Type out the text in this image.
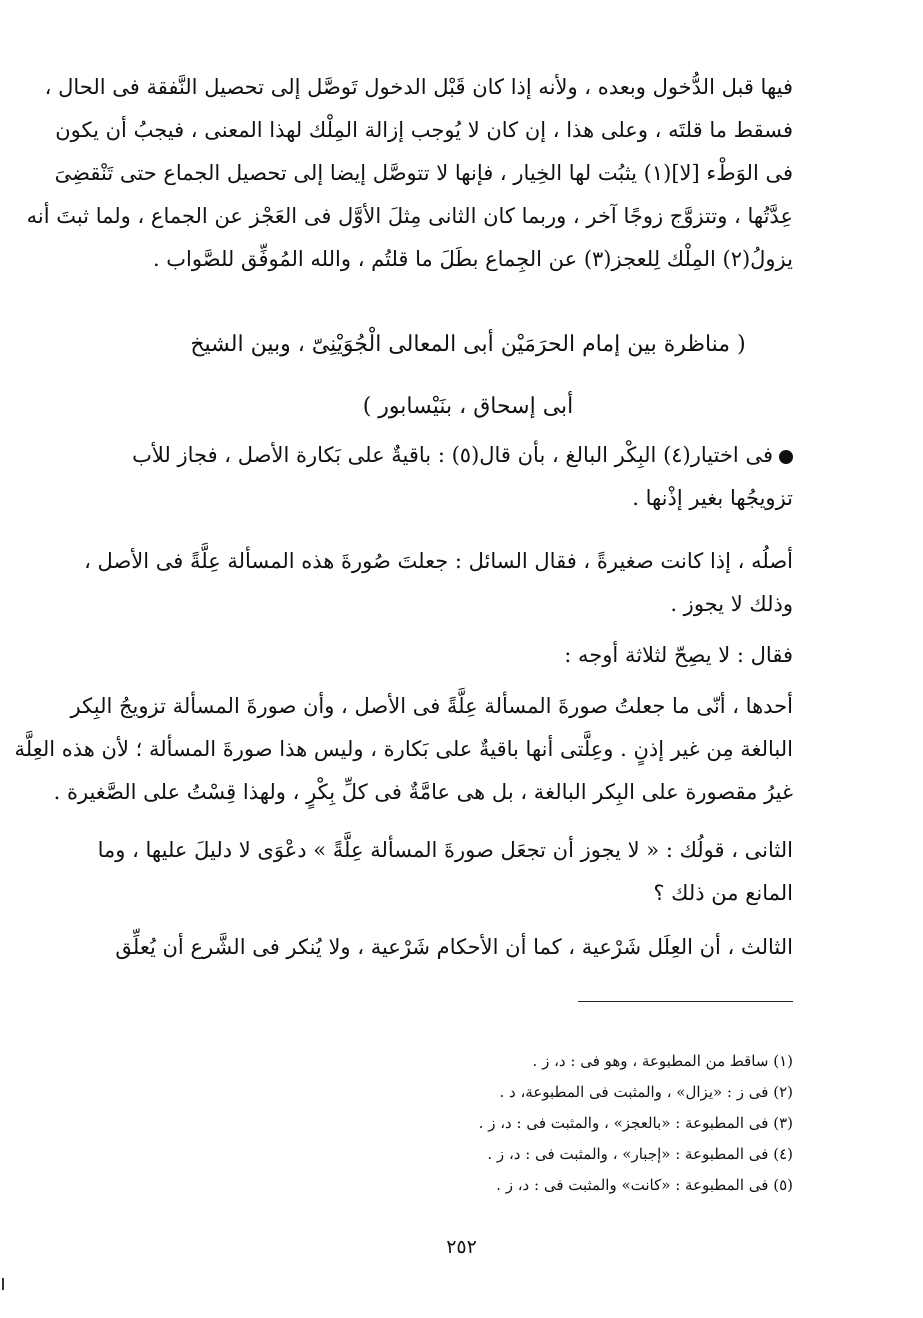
فيها قبل الدُّخول وبعده ، ولأنه إذا كان قَبْل الدخول تَوصَّل إلى تحصيل النَّفقة فى الحال ،
فسقط ما قلتَه ، وعلى هذا ، إن كان لا يُوجب إزالة المِلْك لهذا المعنى ، فيجبُ أن يكون
فى الوَطْء [لا](١) يثبُت لها الخِيار ، فإنها لا تتوصَّل إيضا إلى تحصيل الجماع حتى تَنْقضِىَ
عِدَّتُها ، وتتزوَّج زوجًا آخر ، وربما كان الثانى مِثلَ الأوَّل فى العَجْز عن الجماع ، ولما ثبتَ أنه
يزولُ(٢) المِلْك لِلعجز(٣) عن الجِماع بطَلَ ما قلتُم ، والله المُوفِّق للصَّواب .
( مناظرة بين إمام الحرَمَيْن أبى المعالى الْجُوَيْنِىّ ، وبين الشيخ
أبى إسحاق ، بنَيْسابور )
فى اختيار(٤) البِكْر البالغ ، بأن قال(٥) : باقيةٌ على بَكارة الأصل ، فجاز للأب
تزويجُها بغير إذْنها .
أصلُه ، إذا كانت صغيرةً ، فقال السائل : جعلتَ صُورةَ هذه المسألة عِلَّةً فى الأصل ،
وذلك لا يجوز .
فقال : لا يصِحّ لثلاثة أوجه :
أحدها ، أنّى ما جعلتُ صورةَ المسألة عِلَّةً فى الأصل ، وأن صورةَ المسألة تزويجُ البِكر
البالغة مِن غير إذنٍ . وعِلَّتى أنها باقيةٌ على بَكارة ، وليس هذا صورةَ المسألة ؛ لأن هذه العِلَّة
غيرُ مقصورة على البِكر البالغة ، بل هى عامَّةٌ فى كلِّ بِكْرٍ ، ولهذا قِسْتُ على الصَّغيرة .
الثانى ، قولُك : « لا يجوز أن تجعَل صورةَ المسألة عِلَّةً » دعْوَى لا دليلَ عليها ، وما
المانع من ذلك ؟
الثالث ، أن العِلَل شَرْعية ، كما أن الأحكام شَرْعية ، ولا يُنكر فى الشَّرع أن يُعلِّق
(١) ساقط من المطبوعة ، وهو فى : د، ز .
(٢) فى ز : «يزال» ، والمثبت فى المطبوعة، د .
(٣) فى المطبوعة : «بالعجز» ، والمثبت فى : د، ز .
(٤) فى المطبوعة : «إجبار» ، والمثبت فى : د، ز .
(٥) فى المطبوعة : «كانت» والمثبت فى : د، ز .
٢٥٢
